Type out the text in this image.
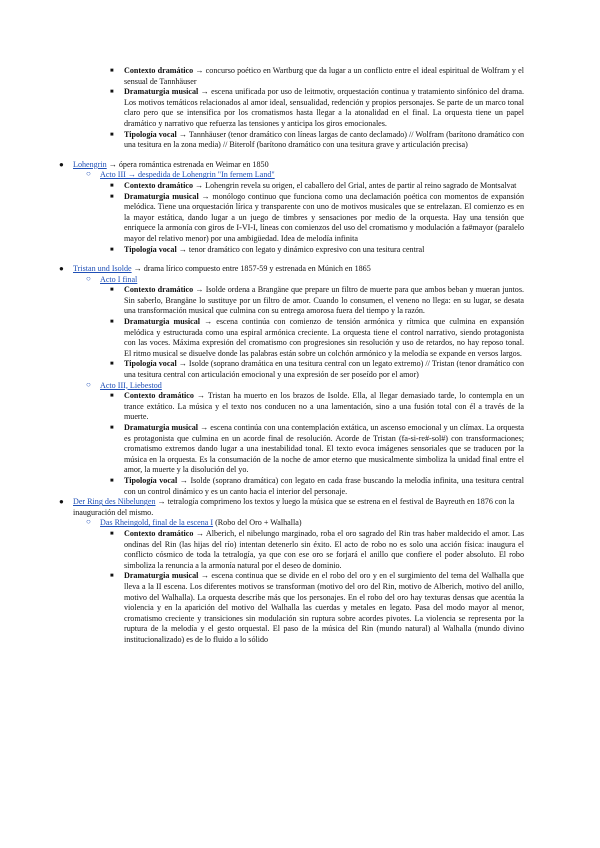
■ Contexto dramático → concurso poético en Wartburg que da lugar a un conflicto entre el ideal espiritual de Wolfram y el sensual de Tannhäuser
■ Dramaturgia musical → escena unificada por uso de leitmotiv, orquestación continua y tratamiento sinfónico del drama. Los motivos temáticos relacionados al amor ideal, sensualidad, redención y propios personajes. Se parte de un marco tonal claro pero que se intensifica por los cromatismos hasta llegar a la atonalidad en el final. La orquesta tiene un papel dramático y narrativo que refuerza las tensiones y anticipa los giros emocionales.
■ Tipología vocal → Tannhäuser (tenor dramático con líneas largas de canto declamado) // Wolfram (barítono dramático con una tesitura en la zona media) // Biterolf (barítono dramático con una tesitura grave y articulación precisa)
● Lohengrin → ópera romántica estrenada en Weimar en 1850
○ Acto III → despedida de Lohengrin "In fernem Land"
■ Contexto dramático → Lohengrin revela su origen, el caballero del Grial, antes de partir al reino sagrado de Montsalvat
■ Dramaturgia musical → monólogo continuo que funciona como una declamación poética con momentos de expansión melódica. Tiene una orquestación lírica y transparente con uno de motivos musicales que se entrelazan. El comienzo es en la mayor estática, dando lugar a un juego de timbres y sensaciones por medio de la orquesta. Hay una tensión que enriquece la armonía con giros de I-VI-I, líneas con comienzos del uso del cromatismo y modulación a fa#mayor (paralelo mayor del relativo menor) por una ambigüedad. Idea de melodía infinita
■ Tipología vocal → tenor dramático con legato y dinámico expresivo con una tesitura central
● Tristan und Isolde → drama lírico compuesto entre 1857-59 y estrenada en Múnich en 1865
○ Acto I final
■ Contexto dramático → Isolde ordena a Brangäne que prepare un filtro de muerte para que ambos beban y mueran juntos. Sin saberlo, Brangäne lo sustituye por un filtro de amor. Cuando lo consumen, el veneno no llega: en su lugar, se desata una transformación musical que culmina con su entrega amorosa fuera del tiempo y la razón.
■ Dramaturgia musical → escena continúa con comienzo de tensión armónica y rítmica que culmina en expansión melódica y estructurada como una espiral armónica creciente. La orquesta tiene el control narrativo, siendo protagonista con las voces. Máxima expresión del cromatismo con progresiones sin resolución y uso de retardos, no hay reposo tonal. El ritmo musical se disuelve donde las palabras están sobre un colchón armónico y la melodía se expande en versos largos.
■ Tipología vocal → Isolde (soprano dramática en una tesitura central con un legato extremo) // Tristan (tenor dramático con una tesitura central con articulación emocional y una expresión de ser poseído por el amor)
○ Acto III, Liebestod
■ Contexto dramático → Tristan ha muerto en los brazos de Isolde. Ella, al llegar demasiado tarde, lo contempla en un trance extático. La música y el texto nos conducen no a una lamentación, sino a una fusión total con él a través de la muerte.
■ Dramaturgia musical → escena continúa con una contemplación extática, un ascenso emocional y un clímax. La orquesta es protagonista que culmina en un acorde final de resolución. Acorde de Tristan (fa-si-re#-sol#) con transformaciones; cromatismo extremos dando lugar a una inestabilidad tonal. El texto evoca imágenes sensoriales que se traducen por la música en la orquesta. Es la consumación de la noche de amor eterno que musicalmente simboliza la unidad final entre el amor, la muerte y la disolución del yo.
■ Tipología vocal → Isolde (soprano dramática) con legato en cada frase buscando la melodía infinita, una tesitura central con un control dinámico y es un canto hacia el interior del personaje.
● Der Ring des Nibelungen → tetralogía comprimeno los textos y luego la música que se estrena en el festival de Bayreuth en 1876 con la inauguración del mismo.
○ Das Rheingold, final de la escena I (Robo del Oro + Walhalla)
■ Contexto dramático → Alberich, el nibelungo marginado, roba el oro sagrado del Rin tras haber maldecido el amor. Las ondinas del Rin (las hijas del río) intentan detenerlo sin éxito. El acto de robo no es solo una acción física: inaugura el conflicto cósmico de toda la tetralogía, ya que con ese oro se forjará el anillo que confiere el poder absoluto. El robo simboliza la renuncia a la armonía natural por el deseo de dominio.
■ Dramaturgia musical → escena continua que se divide en el robo del oro y en el surgimiento del tema del Walhalla que lleva a la II escena. Los diferentes motivos se transforman (motivo del oro del Rin, motivo de Alberich, motivo del anillo, motivo del Walhalla). La orquesta describe más que los personajes. En el robo del oro hay texturas densas que acentúa la violencia y en la aparición del motivo del Walhalla las cuerdas y metales en legato. Pasa del modo mayor al menor, cromatismo creciente y transiciones sin modulación sin ruptura sobre acordes pivotes. La violencia se representa por la ruptura de la melodía y el gesto orquestal. El paso de la música del Rin (mundo natural) al Walhalla (mundo divino institucionalizado) es de lo fluido a lo sólido
